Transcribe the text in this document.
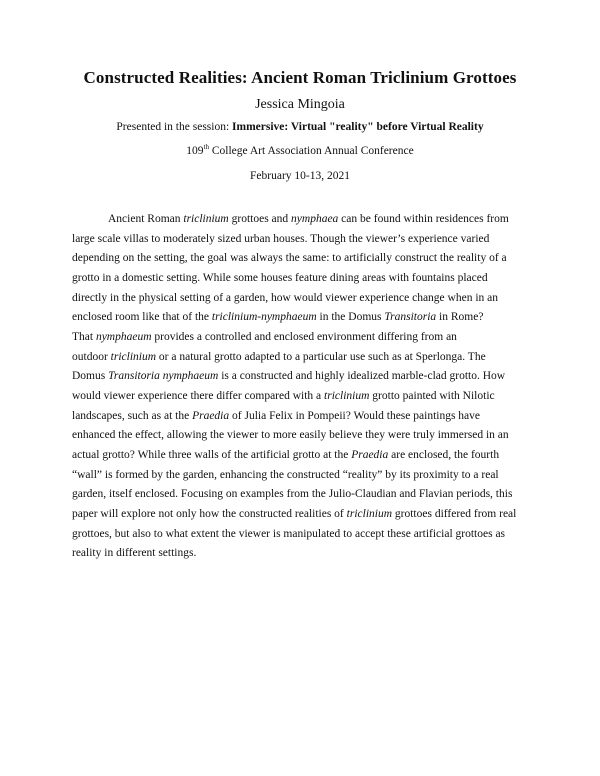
Constructed Realities: Ancient Roman Triclinium Grottoes
Jessica Mingoia
Presented in the session: Immersive: Virtual "reality" before Virtual Reality
109th College Art Association Annual Conference
February 10-13, 2021
Ancient Roman triclinium grottoes and nymphaea can be found within residences from
large scale villas to moderately sized urban houses. Though the viewer’s experience varied
depending on the setting, the goal was always the same: to artificially construct the reality of a
grotto in a domestic setting. While some houses feature dining areas with fountains placed
directly in the physical setting of a garden, how would viewer experience change when in an
enclosed room like that of the triclinium-nymphaeum in the Domus Transitoria in Rome?
That nymphaeum provides a controlled and enclosed environment differing from an
outdoor triclinium or a natural grotto adapted to a particular use such as at Sperlonga. The
Domus Transitoria nymphaeum is a constructed and highly idealized marble-clad grotto. How
would viewer experience there differ compared with a triclinium grotto painted with Nilotic
landscapes, such as at the Praedia of Julia Felix in Pompeii? Would these paintings have
enhanced the effect, allowing the viewer to more easily believe they were truly immersed in an
actual grotto? While three walls of the artificial grotto at the Praedia are enclosed, the fourth
“wall” is formed by the garden, enhancing the constructed “reality” by its proximity to a real
garden, itself enclosed. Focusing on examples from the Julio-Claudian and Flavian periods, this
paper will explore not only how the constructed realities of triclinium grottoes differed from real
grottoes, but also to what extent the viewer is manipulated to accept these artificial grottoes as
reality in different settings.
